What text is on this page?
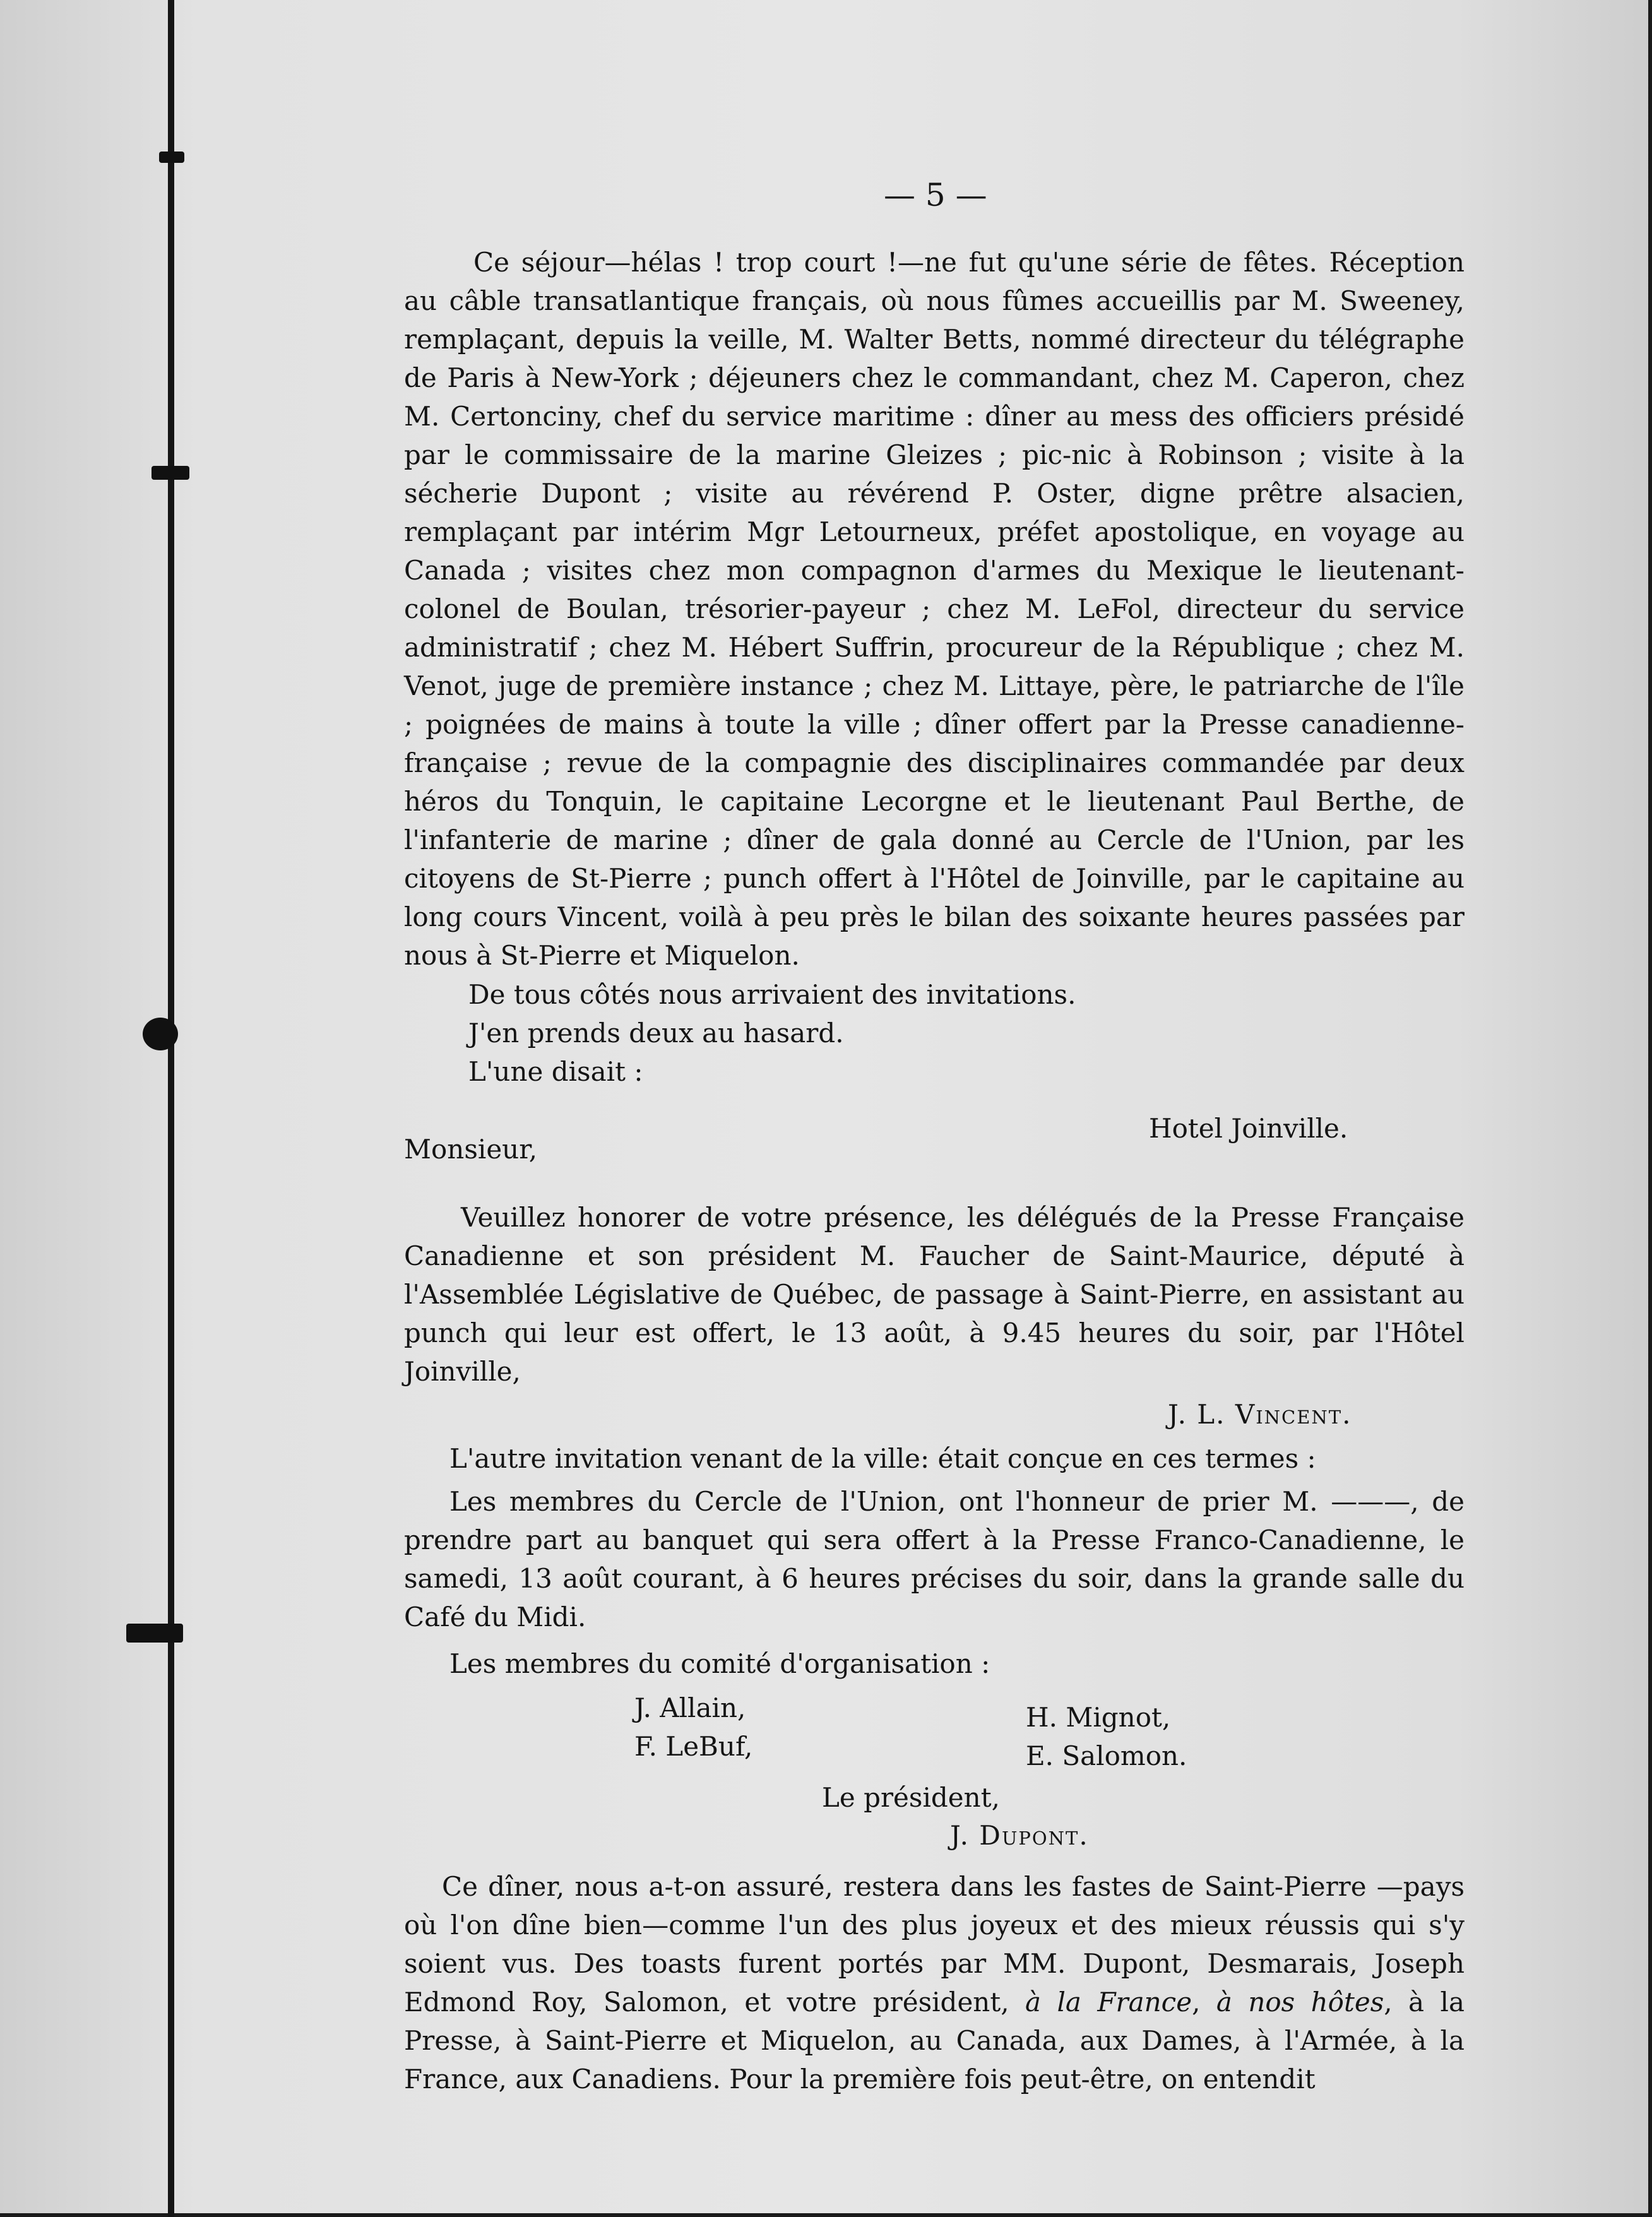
— 5 —

Ce séjour—hélas ! trop court !—ne fut qu'une série de fêtes. Réception au câble transatlantique français, où nous fûmes accueillis par M. Sweeney, remplaçant, depuis la veille, M. Walter Betts, nommé directeur du télégraphe de Paris à New-York ; déjeuners chez le commandant, chez M. Caperon, chez M. Certonciny, chef du service maritime : dîner au mess des officiers présidé par le commissaire de la marine Gleizes ; pic-nic à Robinson ; visite à la sécherie Dupont ; visite au révérend P. Oster, digne prêtre alsacien, remplaçant par intérim Mgr Letourneux, préfet apostolique, en voyage au Canada ; visites chez mon compagnon d'armes du Mexique le lieutenant-colonel de Boulan, trésorier-payeur ; chez M. LeFol, directeur du service administratif ; chez M. Hébert Suffrin, procureur de la République ; chez M. Venot, juge de première instance ; chez M. Littaye, père, le patriarche de l'île ; poignées de mains à toute la ville ; dîner offert par la Presse canadienne-française ; revue de la compagnie des disciplinaires commandée par deux héros du Tonquin, le capitaine Lecorgne et le lieutenant Paul Berthe, de l'infanterie de marine ; dîner de gala donné au Cercle de l'Union, par les citoyens de St-Pierre ; punch offert à l'Hôtel de Joinville, par le capitaine au long cours Vincent, voilà à peu près le bilan des soixante heures passées par nous à St-Pierre et Miquelon.

De tous côtés nous arrivaient des invitations.

J'en prends deux au hasard.

L'une disait :

Hotel Joinville.

Monsieur,

Veuillez honorer de votre présence, les délégués de la Presse Française Canadienne et son président M. Faucher de Saint-Maurice, député à l'Assemblée Législative de Québec, de passage à Saint-Pierre, en assistant au punch qui leur est offert, le 13 août, à 9.45 heures du soir, par l'Hôtel Joinville,

J. L. Vincent.

L'autre invitation venant de la ville: était conçue en ces termes :

Les membres du Cercle de l'Union, ont l'honneur de prier M. ———, de prendre part au banquet qui sera offert à la Presse Franco-Canadienne, le samedi, 13 août courant, à 6 heures précises du soir, dans la grande salle du Café du Midi.

Les membres du comité d'organisation :

J. Allain,

F. LeBuf,

H. Mignot,

E. Salomon.

Le président,

J. Dupont.

Ce dîner, nous a-t-on assuré, restera dans les fastes de Saint-Pierre —pays où l'on dîne bien—comme l'un des plus joyeux et des mieux réussis qui s'y soient vus. Des toasts furent portés par MM. Dupont, Desmarais, Joseph Edmond Roy, Salomon, et votre président, à la France, à nos hôtes, à la Presse, à Saint-Pierre et Miquelon, au Canada, aux Dames, à l'Armée, à la France, aux Canadiens. Pour la première fois peut-être, on entendit
